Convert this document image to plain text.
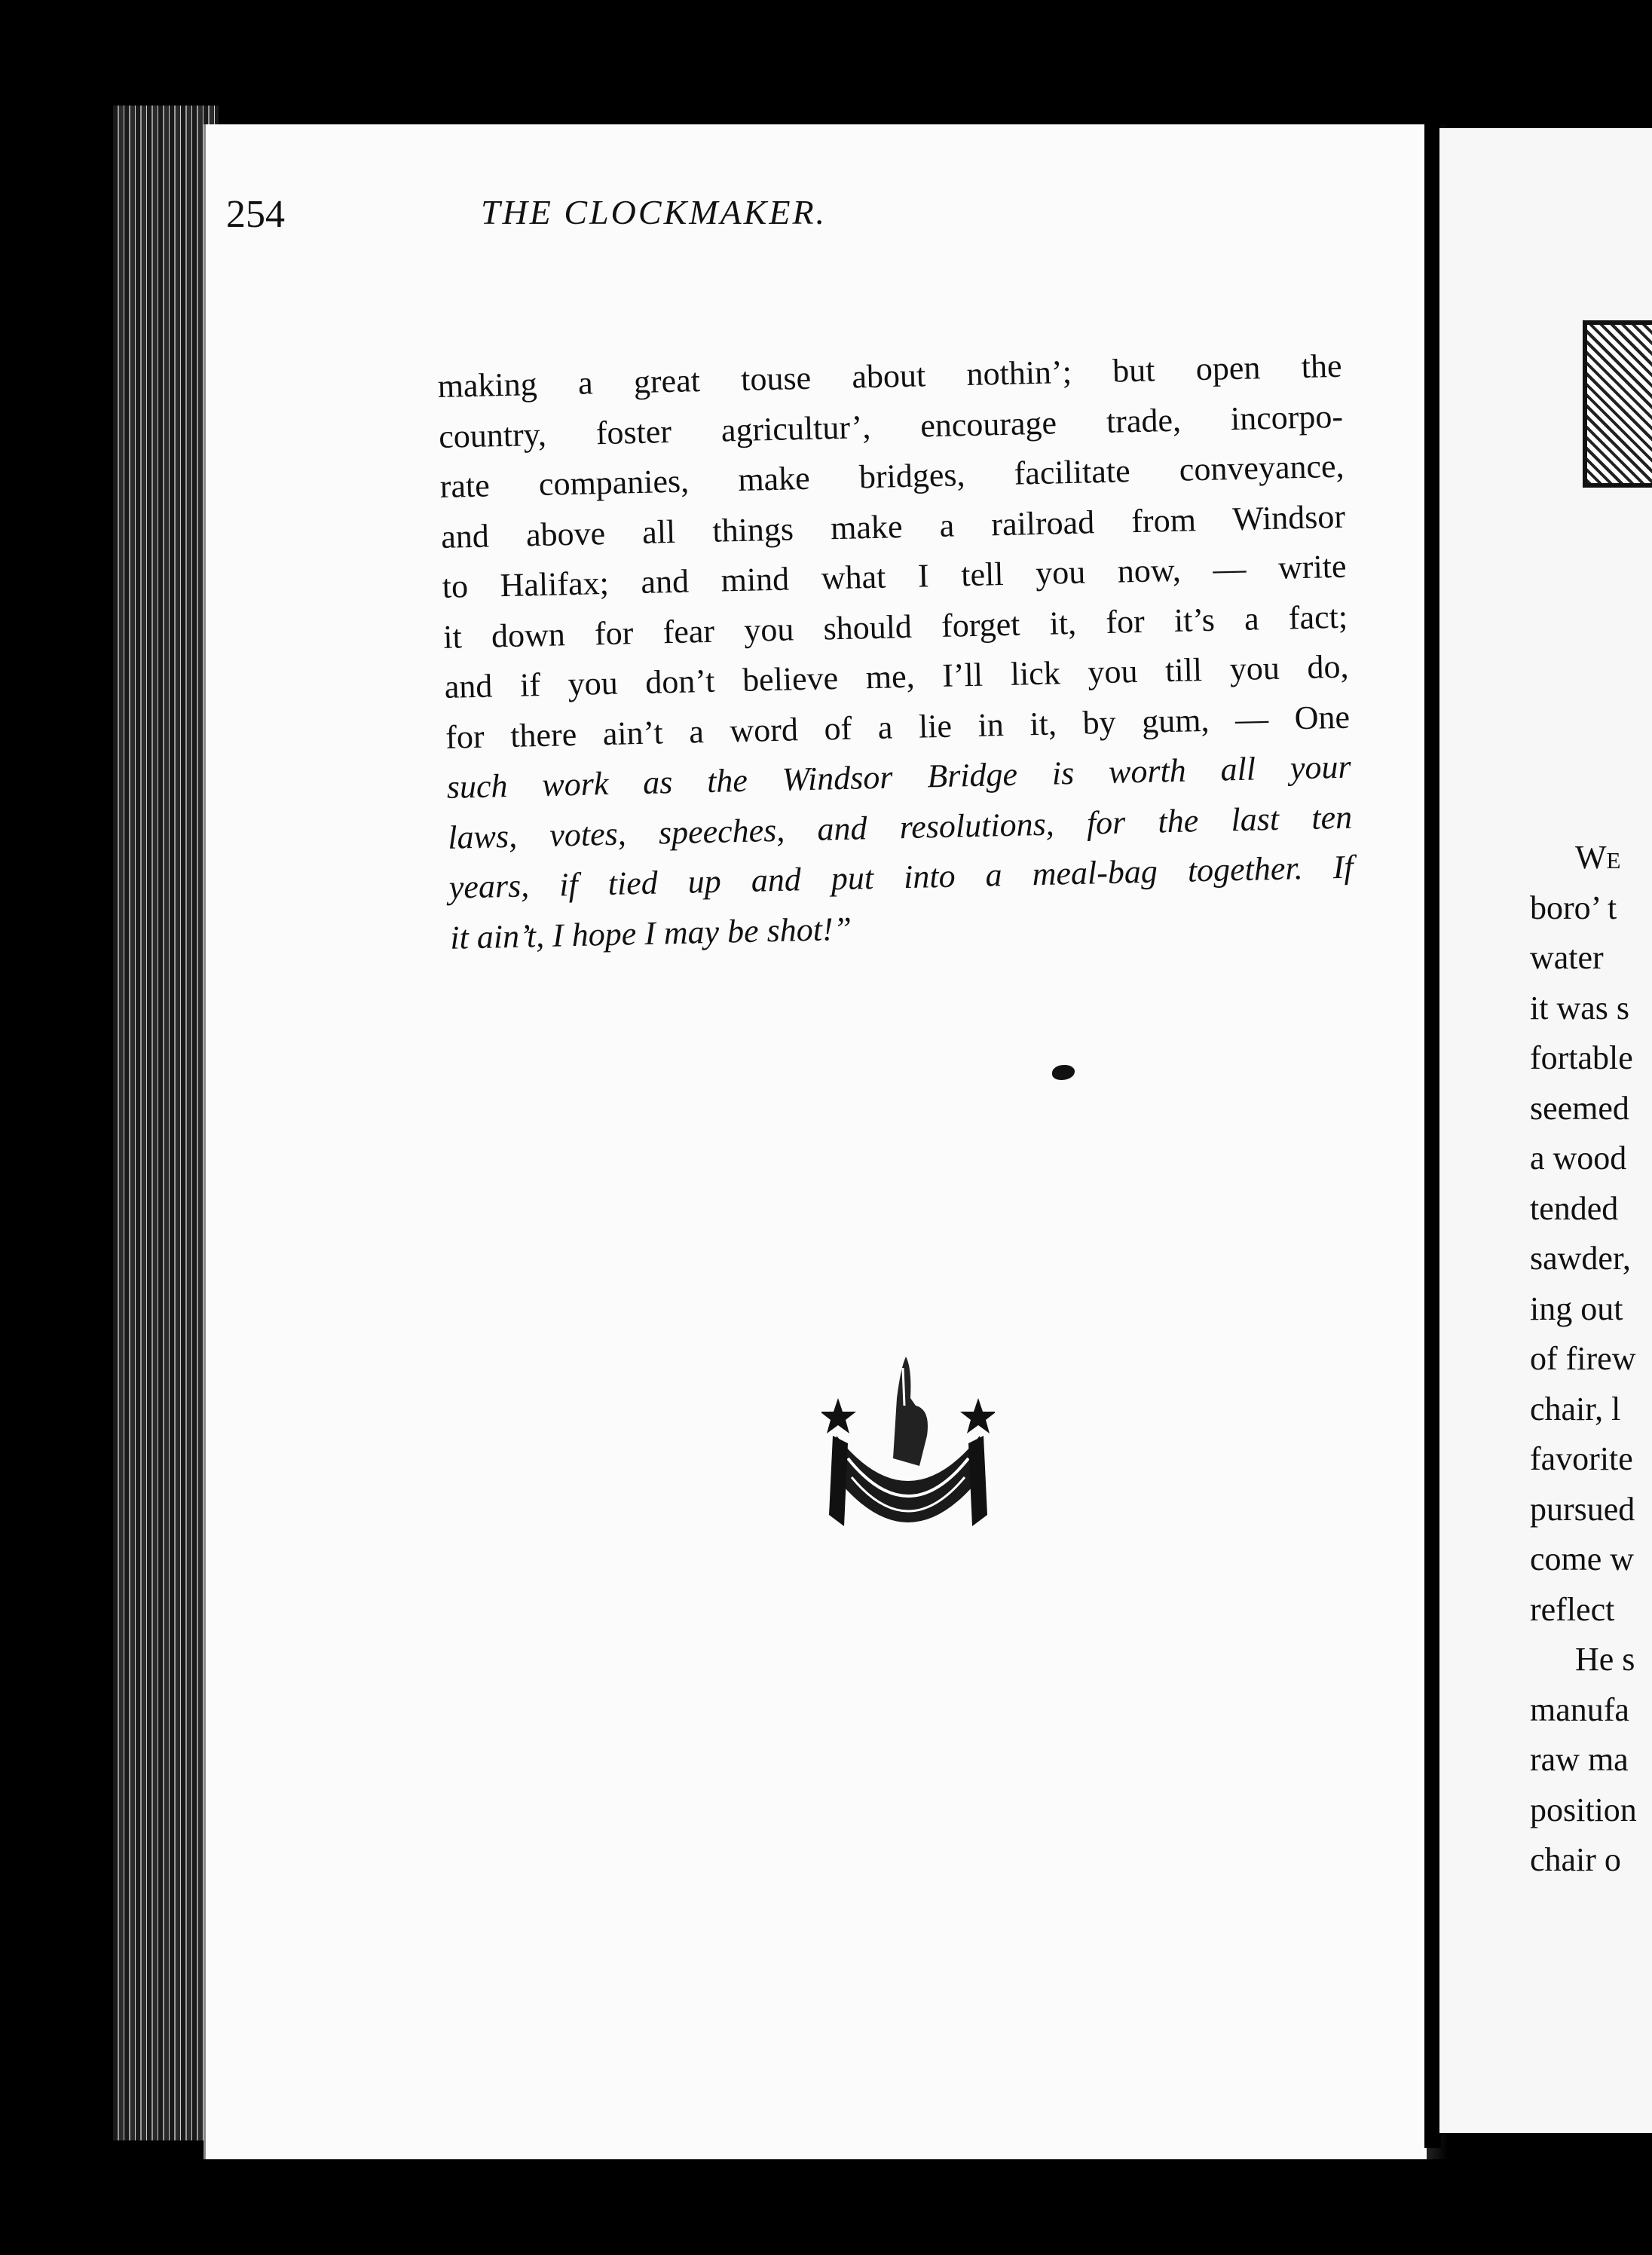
254	THE CLOCKMAKER.
making a great touse about nothin’; but open the
country, foster agricultur’, encourage trade, incorpo-
rate companies, make bridges, facilitate conveyance,
and above all things make a railroad from Windsor
to Halifax; and mind what I tell you now, — write
it down for fear you should forget it, for it’s a fact;
and if you don’t believe me, I’ll lick you till you do,
for there ain’t a word of a lie in it, by gum, — One
such work as the Windsor Bridge is worth all your
laws, votes, speeches, and resolutions, for the last ten
years, if tied up and put into a meal-bag together. If
it ain’t, I hope I may be shot!”
We
boro’ t
water
it was s
fortable
seemed
a wood
tended
sawder,
ing out
of firew
chair, l
favorite
pursued
come w
reflect
He s
manufa
raw ma
position
chair o
